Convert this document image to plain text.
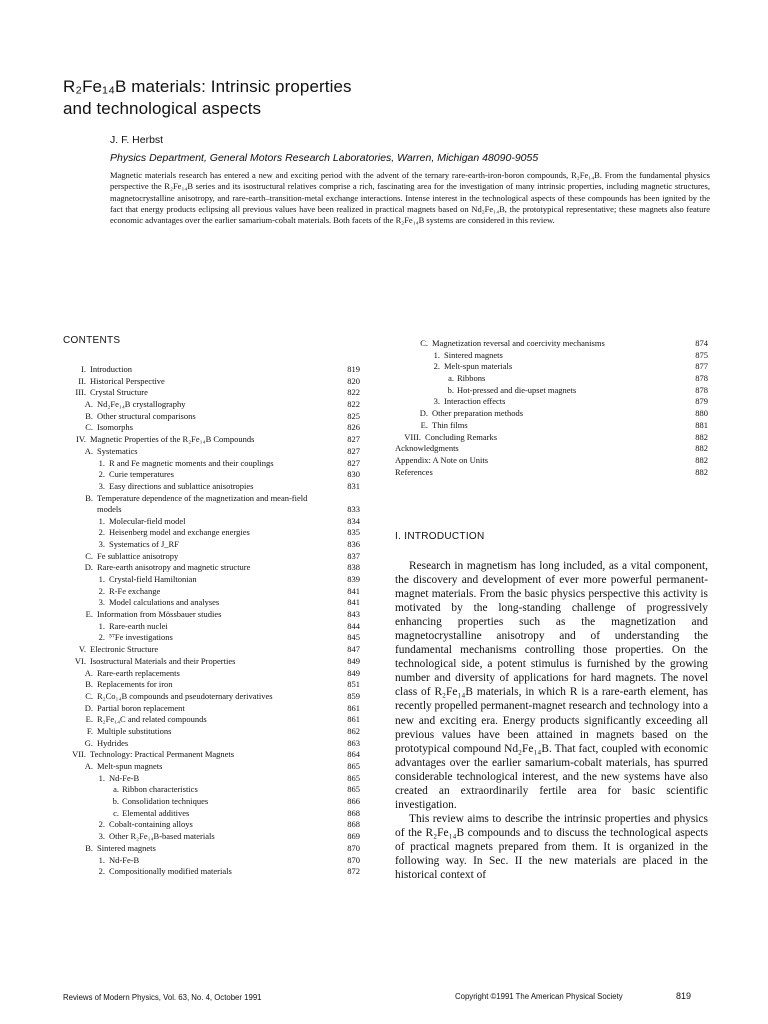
R₂Fe₁₄B materials: Intrinsic properties
and technological aspects
J. F. Herbst
Physics Department, General Motors Research Laboratories, Warren, Michigan 48090-9055

Magnetic materials research has entered a new and exciting period with the advent of the ternary rare-earth-iron-boron compounds, R₂Fe₁₄B. From the fundamental physics perspective the R₂Fe₁₄B series and its isostructural relatives comprise a rich, fascinating area for the investigation of many intrinsic properties, including magnetic structures, magnetocrystalline anisotropy, and rare-earth–transition-metal exchange interactions. Intense interest in the technological aspects of these compounds has been ignited by the fact that energy products eclipsing all previous values have been realized in practical magnets based on Nd₂Fe₁₄B, the prototypical representative; these magnets also feature economic advantages over the earlier samarium-cobalt materials. Both facets of the R₂Fe₁₄B systems are considered in this review.

CONTENTS
I. Introduction	819
II. Historical Perspective	820
III. Crystal Structure	822
A. Nd₂Fe₁₄B crystallography	822
B. Other structural comparisons	825
C. Isomorphs	826
IV. Magnetic Properties of the R₂Fe₁₄B Compounds	827
A. Systematics	827
1. R and Fe magnetic moments and their couplings	827
2. Curie temperatures	830
3. Easy directions and sublattice anisotropies	831
B. Temperature dependence of the magnetization and mean-field models	833
1. Molecular-field model	834
2. Heisenberg model and exchange energies	835
3. Systematics of J_RF	836
C. Fe sublattice anisotropy	837
D. Rare-earth anisotropy and magnetic structure	838
1. Crystal-field Hamiltonian	839
2. R-Fe exchange	841
3. Model calculations and analyses	841
E. Information from Mössbauer studies	843
1. Rare-earth nuclei	844
2. ⁵⁷Fe investigations	845
V. Electronic Structure	847
VI. Isostructural Materials and their Properties	849
A. Rare-earth replacements	849
B. Replacements for iron	851
C. R₂Co₁₄B compounds and pseudoternary derivatives	859
D. Partial boron replacement	861
E. R₂Fe₁₄C and related compounds	861
F. Multiple substitutions	862
G. Hydrides	863
VII. Technology: Practical Permanent Magnets	864
A. Melt-spun magnets	865
1. Nd-Fe-B	865
a. Ribbon characteristics	865
b. Consolidation techniques	866
c. Elemental additives	868
2. Cobalt-containing alloys	868
3. Other R₂Fe₁₄B-based materials	869
B. Sintered magnets	870
1. Nd-Fe-B	870
2. Compositionally modified materials	872
C. Magnetization reversal and coercivity mechanisms	874
1. Sintered magnets	875
2. Melt-spun materials	877
a. Ribbons	878
b. Hot-pressed and die-upset magnets	878
3. Interaction effects	879
D. Other preparation methods	880
E. Thin films	881
VIII. Concluding Remarks	882
Acknowledgments	882
Appendix: A Note on Units	882
References	882
I. INTRODUCTION

Research in magnetism has long included, as a vital component, the discovery and development of ever more powerful permanent-magnet materials. From the basic physics perspective this activity is motivated by the long-standing challenge of progressively enhancing properties such as the magnetization and magnetocrystalline anisotropy and of understanding the fundamental mechanisms controlling those properties. On the technological side, a potent stimulus is furnished by the growing number and diversity of applications for hard magnets. The novel class of R₂Fe₁₄B materials, in which R is a rare-earth element, has recently propelled permanent-magnet research and technology into a new and exciting era. Energy products significantly exceeding all previous values have been attained in magnets based on the prototypical compound Nd₂Fe₁₄B. That fact, coupled with economic advantages over the earlier samarium-cobalt materials, has spurred considerable technological interest, and the new systems have also created an extraordinarily fertile area for basic scientific investigation.

This review aims to describe the intrinsic properties and physics of the R₂Fe₁₄B compounds and to discuss the technological aspects of practical magnets prepared from them. It is organized in the following way. In Sec. II the new materials are placed in the historical context of

Reviews of Modern Physics, Vol. 63, No. 4, October 1991	Copyright ©1991 The American Physical Society	819
